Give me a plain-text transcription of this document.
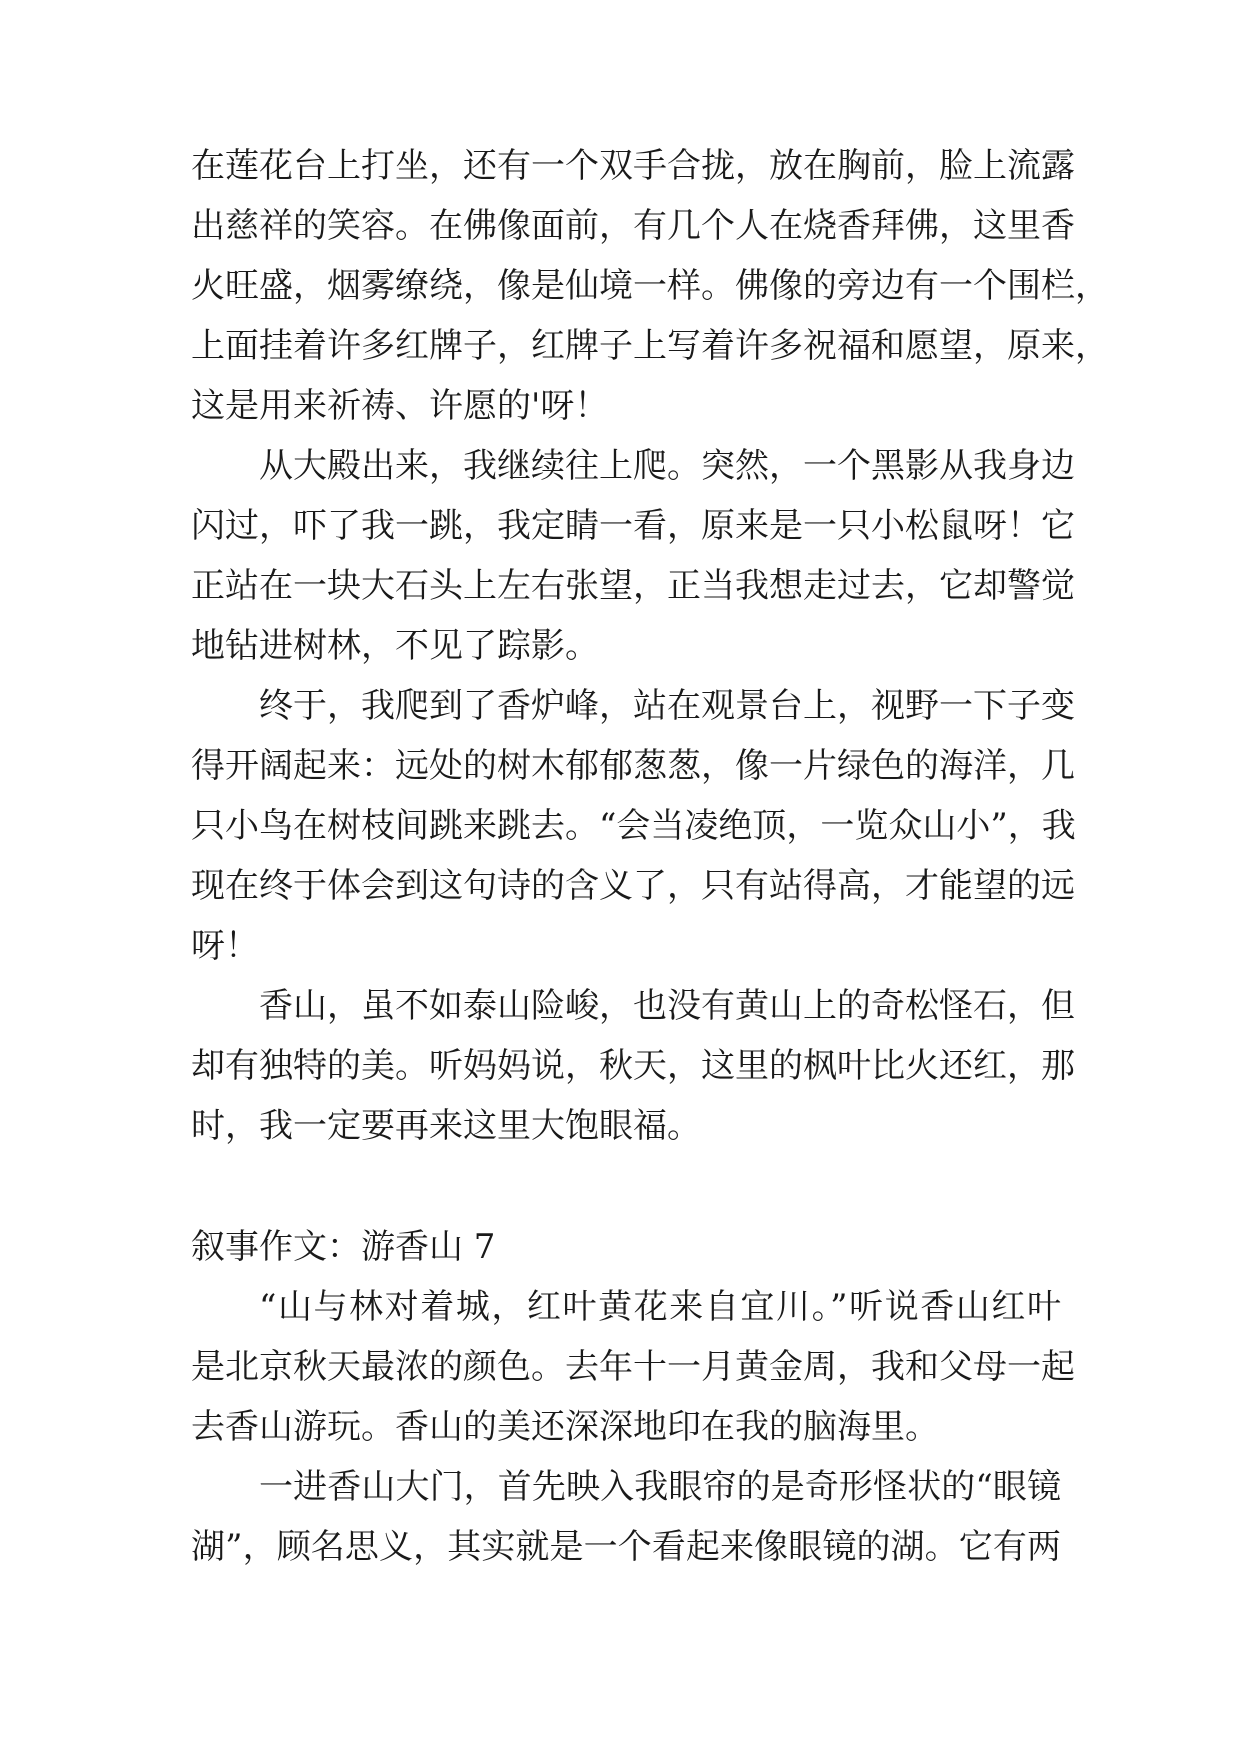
在莲花台上打坐，还有一个双手合拢，放在胸前，脸上流露
出慈祥的笑容。在佛像面前，有几个人在烧香拜佛，这里香
火旺盛，烟雾缭绕，像是仙境一样。佛像的旁边有一个围栏，
上面挂着许多红牌子，红牌子上写着许多祝福和愿望，原来，
这是用来祈祷、许愿的'呀！
从大殿出来，我继续往上爬。突然，一个黑影从我身边
闪过，吓了我一跳，我定睛一看，原来是一只小松鼠呀！它
正站在一块大石头上左右张望，正当我想走过去，它却警觉
地钻进树林，不见了踪影。
终于，我爬到了香炉峰，站在观景台上，视野一下子变
得开阔起来：远处的树木郁郁葱葱，像一片绿色的海洋，几
只小鸟在树枝间跳来跳去。“会当凌绝顶，一览众山小”，我
现在终于体会到这句诗的含义了，只有站得高，才能望的远
呀！
香山，虽不如泰山险峻，也没有黄山上的奇松怪石，但
却有独特的美。听妈妈说，秋天，这里的枫叶比火还红，那
时，我一定要再来这里大饱眼福。
叙事作文：游香山 7
“山与林对着城，红叶黄花来自宜川。”听说香山红叶
是北京秋天最浓的颜色。去年十一月黄金周，我和父母一起
去香山游玩。香山的美还深深地印在我的脑海里。
一进香山大门，首先映入我眼帘的是奇形怪状的“眼镜
湖”，顾名思义，其实就是一个看起来像眼镜的湖。它有两
